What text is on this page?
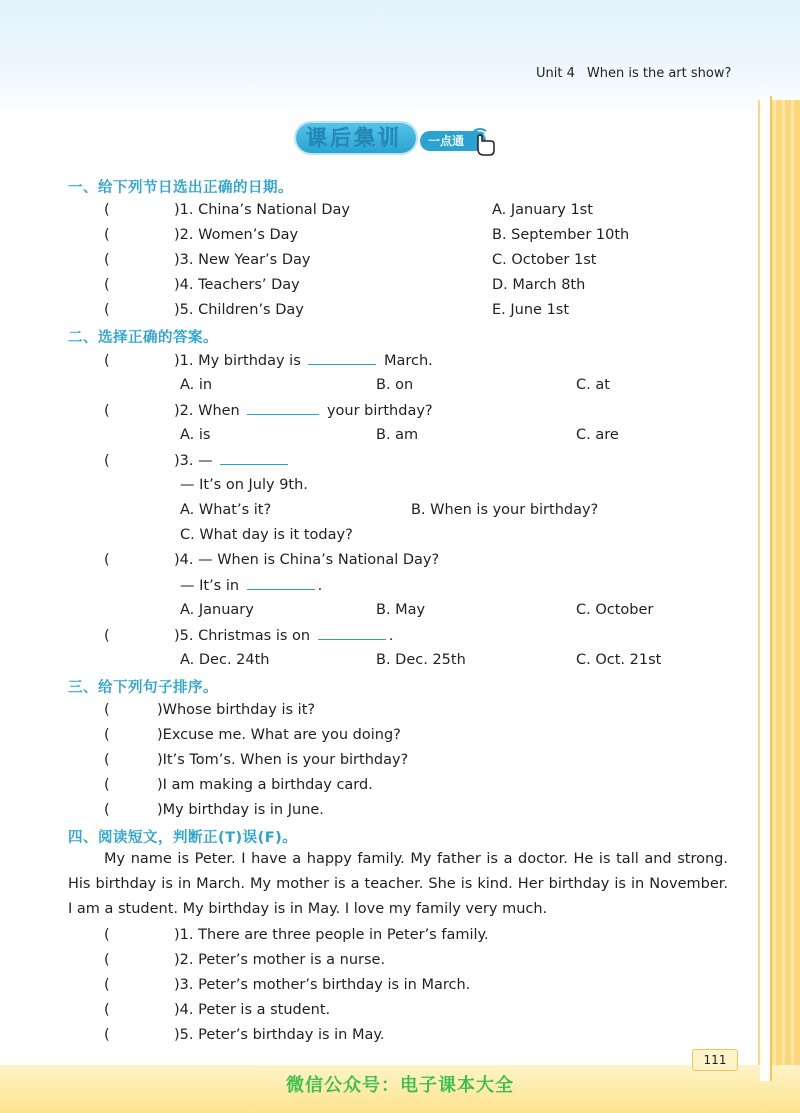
Unit 4 When is the art show?
一点通
课后集训
一、给下列节日选出正确的日期。
(	)1. China’s National Day	A. January 1st
(	)2. Women’s Day	B. September 10th
(	)3. New Year’s Day	C. October 1st
(	)4. Teachers’ Day	D. March 8th
(	)5. Children’s Day	E. June 1st
二、选择正确的答案。
(	)1. My birthday is	March.
A. in	B. on	C. at
(	)2. When	your birthday?
A. is	B. am	C. are
(	)3. —
— It’s on July 9th.
A. What’s it?	B. When is your birthday?
C. What day is it today?
(	)4. — When is China’s National Day?
— It’s in	.
A. January	B. May	C. October
(	)5. Christmas is on	.
A. Dec. 24th	B. Dec. 25th	C. Oct. 21st
三、给下列句子排序。
(	)Whose birthday is it?
(	)Excuse me. What are you doing?
(	)It’s Tom’s. When is your birthday?
(	)I am making a birthday card.
(	)My birthday is in June.
四、阅读短文，判断正(T)误(F)。
My name is Peter. I have a happy family. My father is a doctor. He is tall and strong. His birthday is in March. My mother is a teacher. She is kind. Her birthday is in November. I am a student. My birthday is in May. I love my family very much.
(	)1. There are three people in Peter’s family.
(	)2. Peter’s mother is a nurse.
(	)3. Peter’s mother’s birthday is in March.
(	)4. Peter is a student.
(	)5. Peter’s birthday is in May.
111
微信公众号：电子课本大全
